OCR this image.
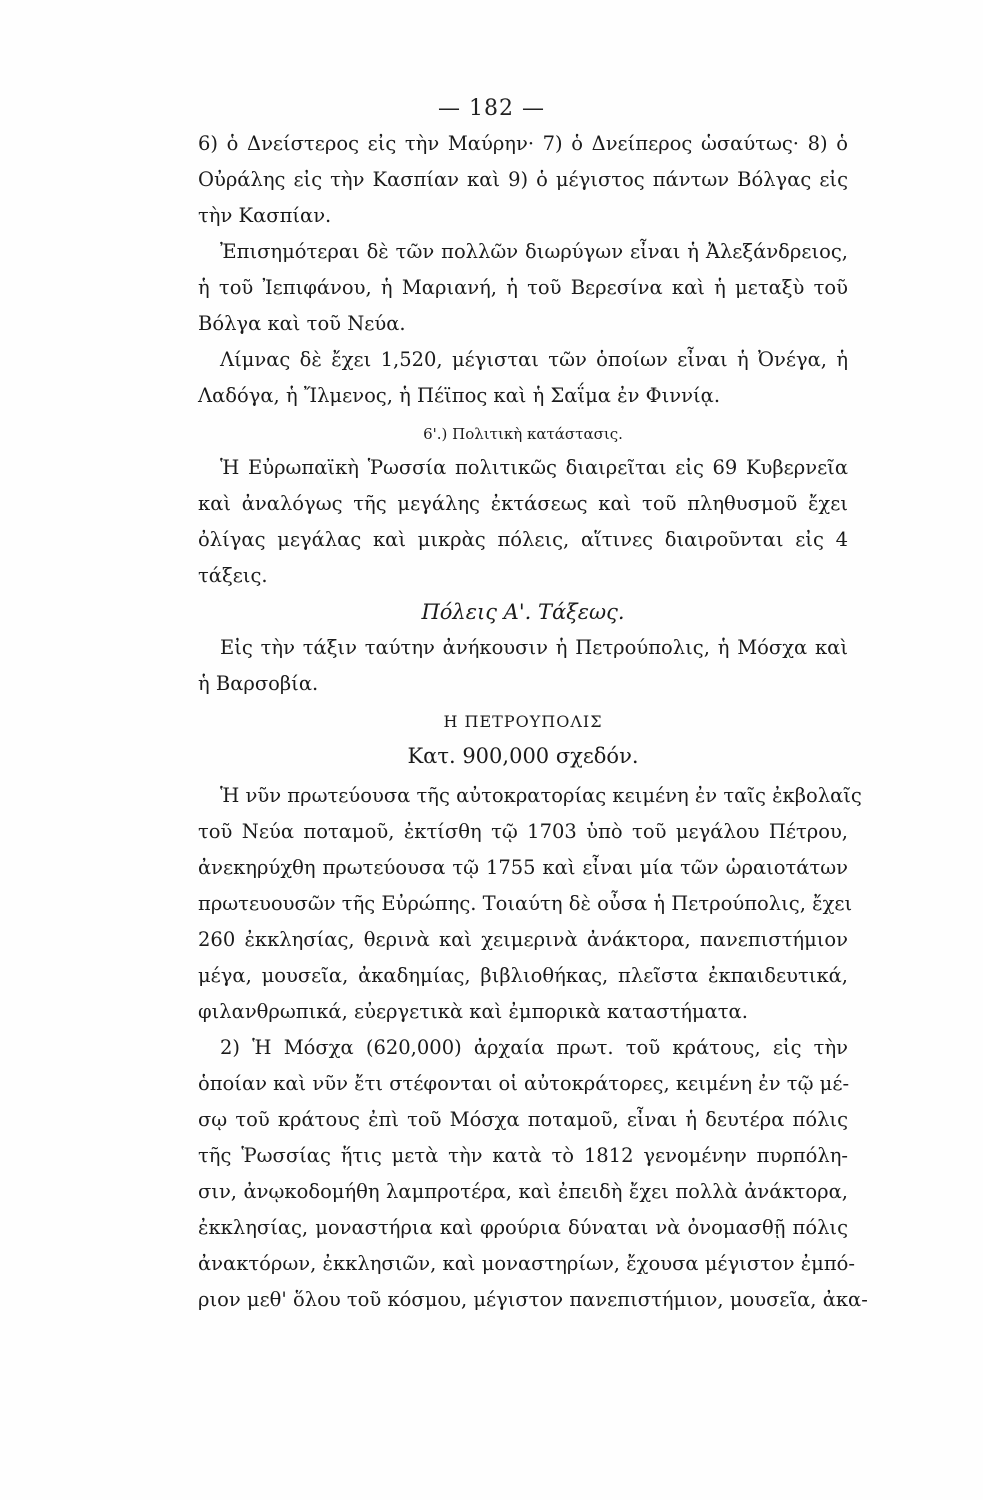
— 182 —
6) ὁ Δνείστερος εἰς τὴν Μαύρην· 7) ὁ Δνείπερος ὡσαύτως· 8) ὁ
Οὐράλης εἰς τὴν Κασπίαν καὶ 9) ὁ μέγιστος πάντων Βόλγας εἰς
τὴν Κασπίαν.
Ἐπισημότεραι δὲ τῶν πολλῶν διωρύγων εἶναι ἡ Ἀλεξάνδρειος,
ἡ τοῦ Ἰεπιφάνου, ἡ Μαριανή, ἡ τοῦ Βερεσίνα καὶ ἡ μεταξὺ τοῦ
Βόλγα καὶ τοῦ Νεύα.
Λίμνας δὲ ἔχει 1,520, μέγισται τῶν ὁποίων εἶναι ἡ Ὀνέγα, ἡ
Λαδόγα, ἡ Ἴλμενος, ἡ Πέϊπος καὶ ἡ Σαΐμα ἐν Φιννίᾳ.
6'.) Πολιτικὴ κατάστασις.
Ἡ Εὐρωπαϊκὴ Ῥωσσία πολιτικῶς διαιρεῖται εἰς 69 Κυβερνεῖα
καὶ ἀναλόγως τῆς μεγάλης ἐκτάσεως καὶ τοῦ πληθυσμοῦ ἔχει
ὀλίγας μεγάλας καὶ μικρὰς πόλεις, αἵτινες διαιροῦνται εἰς 4
τάξεις.
Πόλεις Α'. Τάξεως.
Εἰς τὴν τάξιν ταύτην ἀνήκουσιν ἡ Πετρούπολις, ἡ Μόσχα καὶ
ἡ Βαρσοβία.
Η ΠΕΤΡΟΥΠΟΛΙΣ
Κατ. 900,000 σχεδόν.
Ἡ νῦν πρωτεύουσα τῆς αὐτοκρατορίας κειμένη ἐν ταῖς ἐκβολαῖς
τοῦ Νεύα ποταμοῦ, ἐκτίσθη τῷ 1703 ὑπὸ τοῦ μεγάλου Πέτρου,
ἀνεκηρύχθη πρωτεύουσα τῷ 1755 καὶ εἶναι μία τῶν ὡραιοτάτων
πρωτευουσῶν τῆς Εὐρώπης. Τοιαύτη δὲ οὖσα ἡ Πετρούπολις, ἔχει
260 ἐκκλησίας, θερινὰ καὶ χειμερινὰ ἀνάκτορα, πανεπιστήμιον
μέγα, μουσεῖα, ἀκαδημίας, βιβλιοθήκας, πλεῖστα ἐκπαιδευτικά,
φιλανθρωπικά, εὐεργετικὰ καὶ ἐμπορικὰ καταστήματα.
2) Ἡ Μόσχα (620,000) ἀρχαία πρωτ. τοῦ κράτους, εἰς τὴν
ὁποίαν καὶ νῦν ἔτι στέφονται οἱ αὐτοκράτορες, κειμένη ἐν τῷ μέ-
σῳ τοῦ κράτους ἐπὶ τοῦ Μόσχα ποταμοῦ, εἶναι ἡ δευτέρα πόλις
τῆς Ῥωσσίας ἥτις μετὰ τὴν κατὰ τὸ 1812 γενομένην πυρπόλη-
σιν, ἀνῳκοδομήθη λαμπροτέρα, καὶ ἐπειδὴ ἔχει πολλὰ ἀνάκτορα,
ἐκκλησίας, μοναστήρια καὶ φρούρια δύναται νὰ ὀνομασθῇ πόλις
ἀνακτόρων, ἐκκλησιῶν, καὶ μοναστηρίων, ἔχουσα μέγιστον ἐμπό-
ριον μεθ' ὅλου τοῦ κόσμου, μέγιστον πανεπιστήμιον, μουσεῖα, ἀκα-
